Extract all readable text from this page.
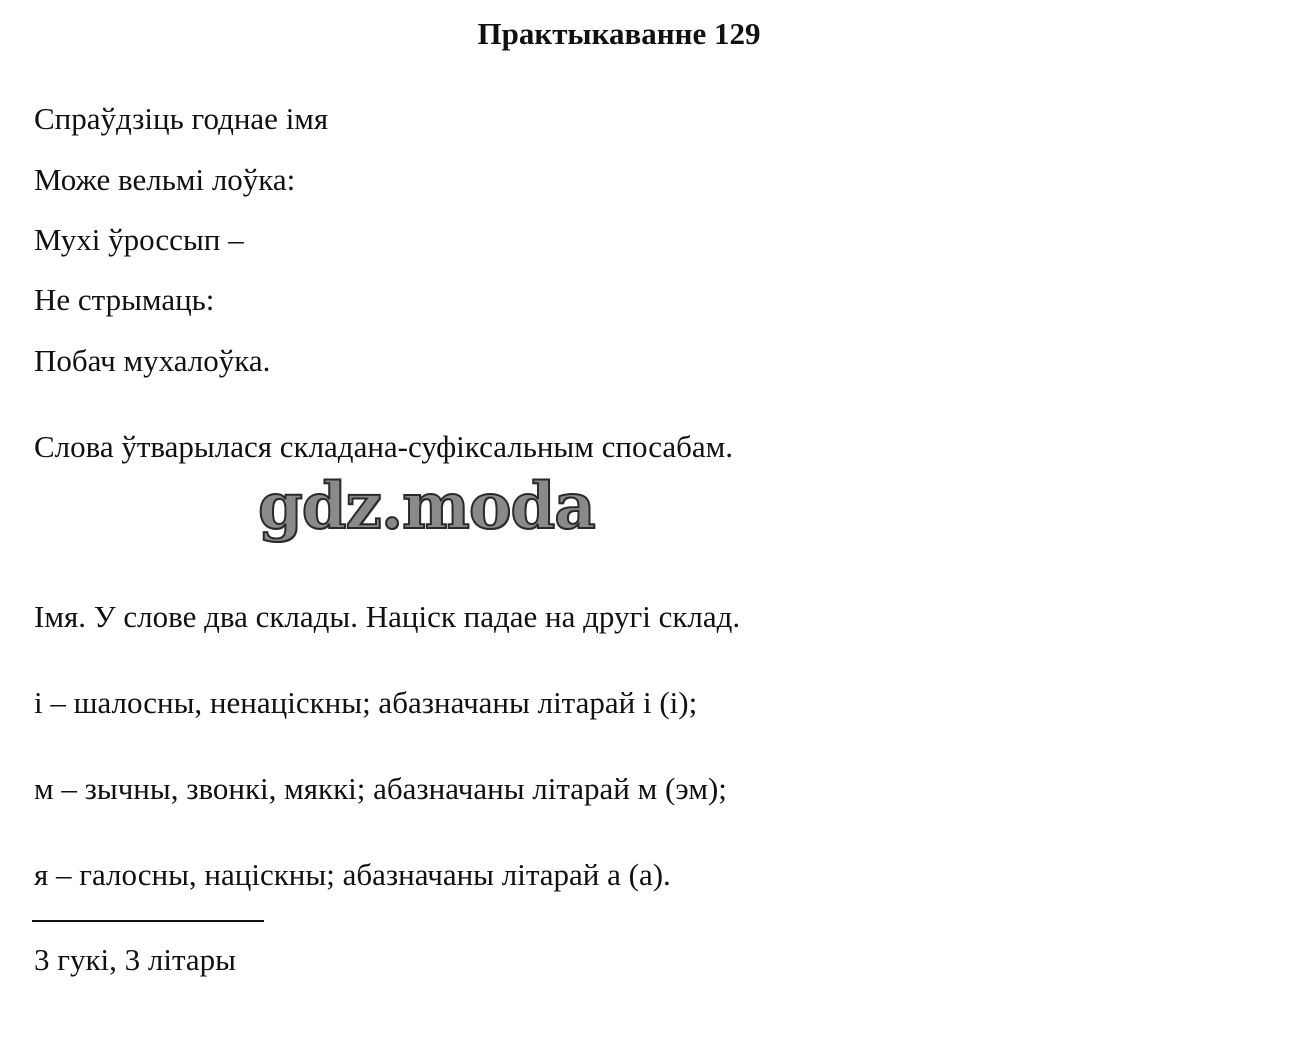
Практыкаванне 129
Спраўдзіць годнае імя
Може вельмі лоўка:
Мухі ўроссып –
Не стрымаць:
Побач мухалоўка.
Слова ўтварылася складана-суфіксальным спосабам.
gdz.moda
Імя. У слове два склады. Націск падае на другі склад.
і – шалосны, ненаціскны; абазначаны літарай і (і);
м – зычны, звонкі, мяккі; абазначаны літарай м (эм);
я – галосны, націскны; абазначаны літарай а (а).
3 гукі, 3 літары
